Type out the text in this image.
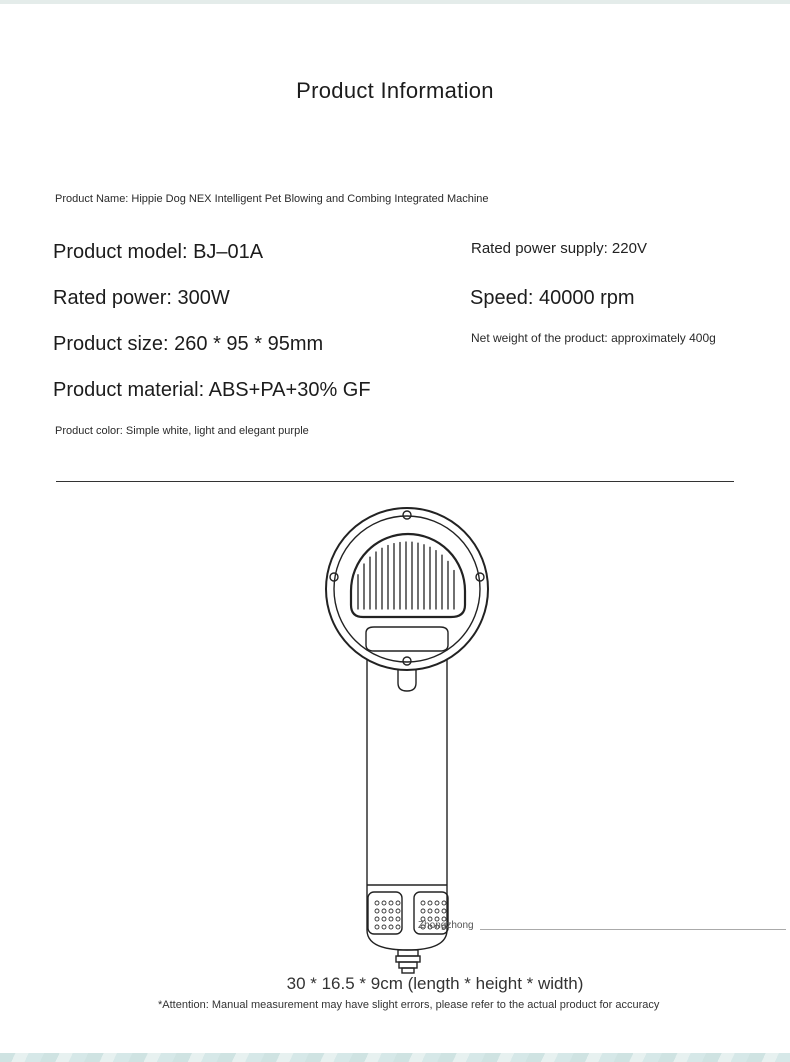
Product Information
Product Name: Hippie Dog NEX Intelligent Pet Blowing and Combing Integrated Machine
Product model: BJ–01A	Rated power supply: 220V
Rated power: 300W	Speed: 40000 rpm
Product size: 260 * 95 * 95mm	Net weight of the product: approximately 400g
Product material: ABS+PA+30% GF
Product color: Simple white, light and elegant purple
Zhongzhong
30 * 16.5 * 9cm (length * height * width)
*Attention: Manual measurement may have slight errors, please refer to the actual product for accuracy
